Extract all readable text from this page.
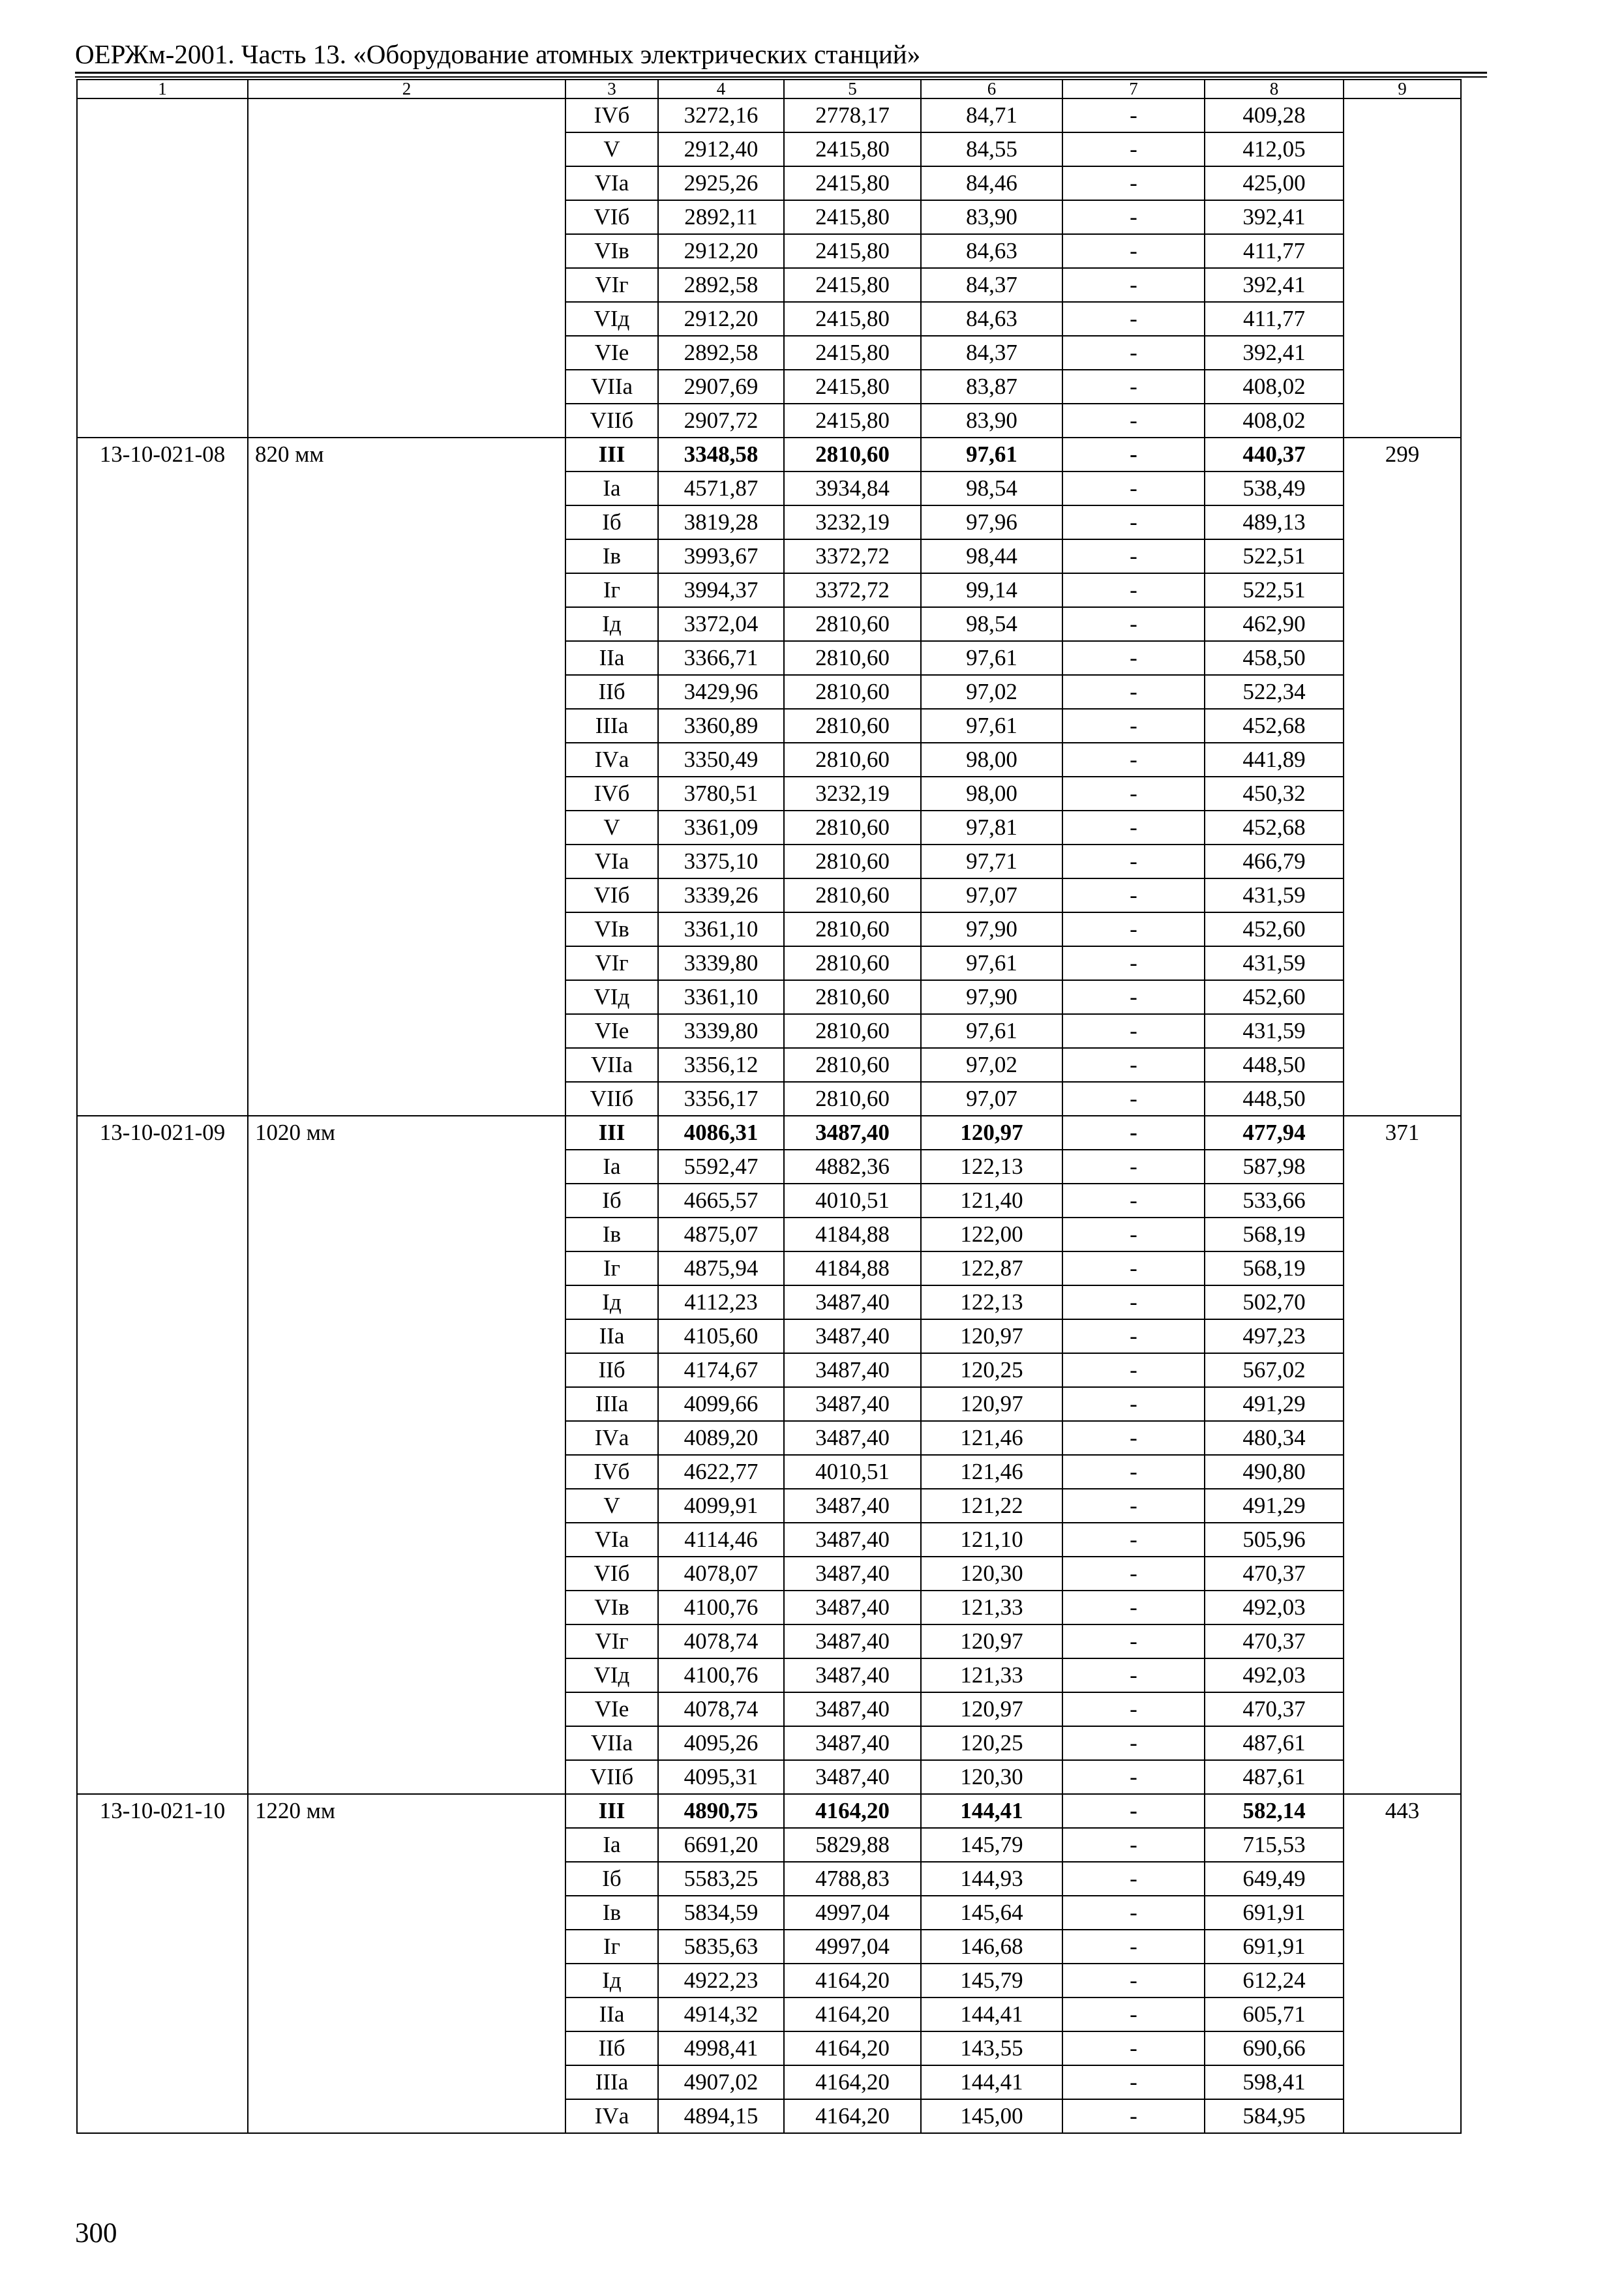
ОЕРЖм-2001. Часть 13. «Оборудование атомных электрических станций»
1	2	3	4	5	6	7	8	9
		IVб	3272,16	2778,17	84,71	-	409,28	
		V	2912,40	2415,80	84,55	-	412,05	
		VIа	2925,26	2415,80	84,46	-	425,00	
		VIб	2892,11	2415,80	83,90	-	392,41	
		VIв	2912,20	2415,80	84,63	-	411,77	
		VIг	2892,58	2415,80	84,37	-	392,41	
		VIд	2912,20	2415,80	84,63	-	411,77	
		VIе	2892,58	2415,80	84,37	-	392,41	
		VIIа	2907,69	2415,80	83,87	-	408,02	
		VIIб	2907,72	2415,80	83,90	-	408,02	
13-10-021-08	820 мм	III	3348,58	2810,60	97,61	-	440,37	299
		Iа	4571,87	3934,84	98,54	-	538,49	
		Iб	3819,28	3232,19	97,96	-	489,13	
		Iв	3993,67	3372,72	98,44	-	522,51	
		Iг	3994,37	3372,72	99,14	-	522,51	
		Iд	3372,04	2810,60	98,54	-	462,90	
		IIа	3366,71	2810,60	97,61	-	458,50	
		IIб	3429,96	2810,60	97,02	-	522,34	
		IIIа	3360,89	2810,60	97,61	-	452,68	
		IVа	3350,49	2810,60	98,00	-	441,89	
		IVб	3780,51	3232,19	98,00	-	450,32	
		V	3361,09	2810,60	97,81	-	452,68	
		VIа	3375,10	2810,60	97,71	-	466,79	
		VIб	3339,26	2810,60	97,07	-	431,59	
		VIв	3361,10	2810,60	97,90	-	452,60	
		VIг	3339,80	2810,60	97,61	-	431,59	
		VIд	3361,10	2810,60	97,90	-	452,60	
		VIе	3339,80	2810,60	97,61	-	431,59	
		VIIа	3356,12	2810,60	97,02	-	448,50	
		VIIб	3356,17	2810,60	97,07	-	448,50	
13-10-021-09	1020 мм	III	4086,31	3487,40	120,97	-	477,94	371
		Iа	5592,47	4882,36	122,13	-	587,98	
		Iб	4665,57	4010,51	121,40	-	533,66	
		Iв	4875,07	4184,88	122,00	-	568,19	
		Iг	4875,94	4184,88	122,87	-	568,19	
		Iд	4112,23	3487,40	122,13	-	502,70	
		IIа	4105,60	3487,40	120,97	-	497,23	
		IIб	4174,67	3487,40	120,25	-	567,02	
		IIIа	4099,66	3487,40	120,97	-	491,29	
		IVа	4089,20	3487,40	121,46	-	480,34	
		IVб	4622,77	4010,51	121,46	-	490,80	
		V	4099,91	3487,40	121,22	-	491,29	
		VIа	4114,46	3487,40	121,10	-	505,96	
		VIб	4078,07	3487,40	120,30	-	470,37	
		VIв	4100,76	3487,40	121,33	-	492,03	
		VIг	4078,74	3487,40	120,97	-	470,37	
		VIд	4100,76	3487,40	121,33	-	492,03	
		VIе	4078,74	3487,40	120,97	-	470,37	
		VIIа	4095,26	3487,40	120,25	-	487,61	
		VIIб	4095,31	3487,40	120,30	-	487,61	
13-10-021-10	1220 мм	III	4890,75	4164,20	144,41	-	582,14	443
		Iа	6691,20	5829,88	145,79	-	715,53	
		Iб	5583,25	4788,83	144,93	-	649,49	
		Iв	5834,59	4997,04	145,64	-	691,91	
		Iг	5835,63	4997,04	146,68	-	691,91	
		Iд	4922,23	4164,20	145,79	-	612,24	
		IIа	4914,32	4164,20	144,41	-	605,71	
		IIб	4998,41	4164,20	143,55	-	690,66	
		IIIа	4907,02	4164,20	144,41	-	598,41	
		IVа	4894,15	4164,20	145,00	-	584,95	
300
